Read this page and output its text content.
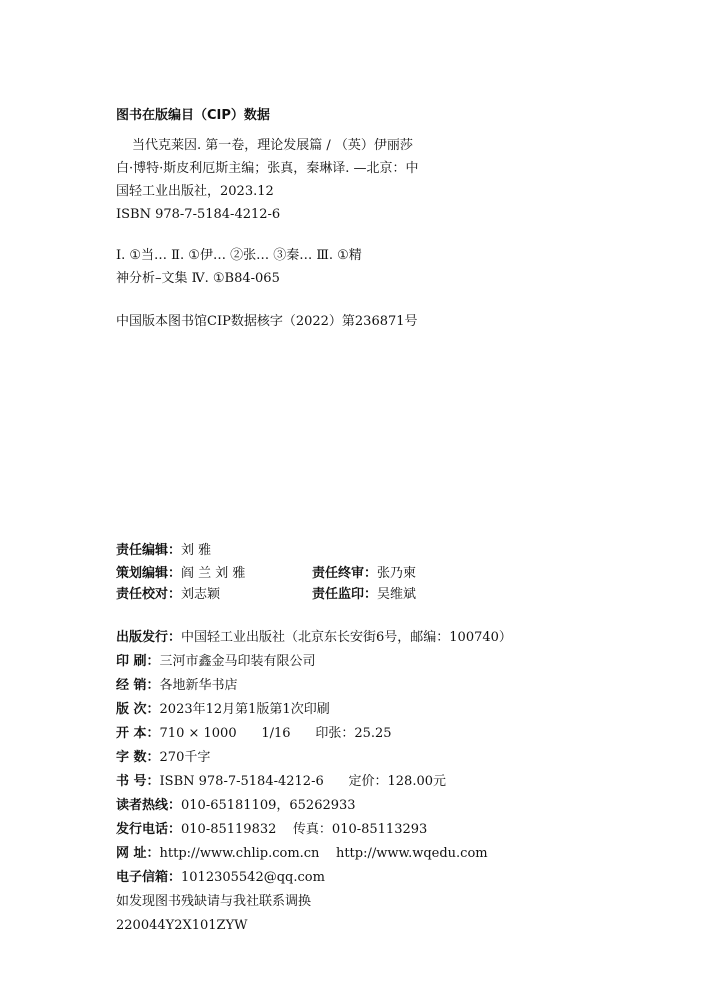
图书在版编目（CIP）数据
当代克莱因. 第一卷，理论发展篇 / （英）伊丽莎
白·博特·斯皮利厄斯主编；张真，秦琳译. —北京：中
国轻工业出版社，2023.12
ISBN 978-7-5184-4212-6
Ⅰ. ①当… Ⅱ. ①伊… ②张… ③秦… Ⅲ. ①精
神分析–文集 Ⅳ. ①B84-065
中国版本图书馆CIP数据核字（2022）第236871号
责任编辑：刘 雅
策划编辑：阎 兰 刘 雅	责任终审：张乃柬
责任校对：刘志颖	责任监印：吴维斌
出版发行：中国轻工业出版社（北京东长安街6号，邮编：100740）
印 刷：三河市鑫金马印装有限公司
经 销：各地新华书店
版 次：2023年12月第1版第1次印刷
开 本：710 × 1000      1/16      印张：25.25
字 数：270千字
书 号：ISBN 978-7-5184-4212-6      定价：128.00元
读者热线：010-65181109，65262933
发行电话：010-85119832    传真：010-85113293
网 址：http://www.chlip.com.cn    http://www.wqedu.com
电子信箱：1012305542@qq.com
如发现图书残缺请与我社联系调换
220044Y2X101ZYW
